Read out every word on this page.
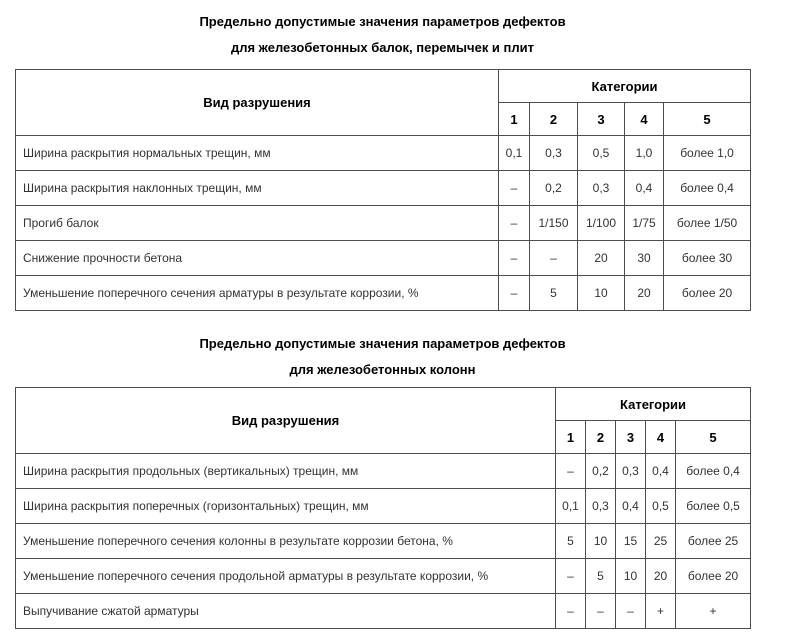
Предельно допустимые значения параметров дефектов
для железобетонных балок, перемычек и плит
Вид разрушения	Категории				
	1	2	3	4	5
Ширина раскрытия нормальных трещин, мм	0,1	0,3	0,5	1,0	более 1,0
Ширина раскрытия наклонных трещин, мм	–	0,2	0,3	0,4	более 0,4
Прогиб балок	–	1/150	1/100	1/75	более 1/50
Снижение прочности бетона	–	–	20	30	более 30
Уменьшение поперечного сечения арматуры в результате коррозии, %	–	5	10	20	более 20
Предельно допустимые значения параметров дефектов
для железобетонных колонн
Вид разрушения	Категории				
	1	2	3	4	5
Ширина раскрытия продольных (вертикальных) трещин, мм	–	0,2	0,3	0,4	более 0,4
Ширина раскрытия поперечных (горизонтальных) трещин, мм	0,1	0,3	0,4	0,5	более 0,5
Уменьшение поперечного сечения колонны в результате коррозии бетона, %	5	10	15	25	более 25
Уменьшение поперечного сечения продольной арматуры в результате коррозии, %	–	5	10	20	более 20
Выпучивание сжатой арматуры	–	–	–	+	+
